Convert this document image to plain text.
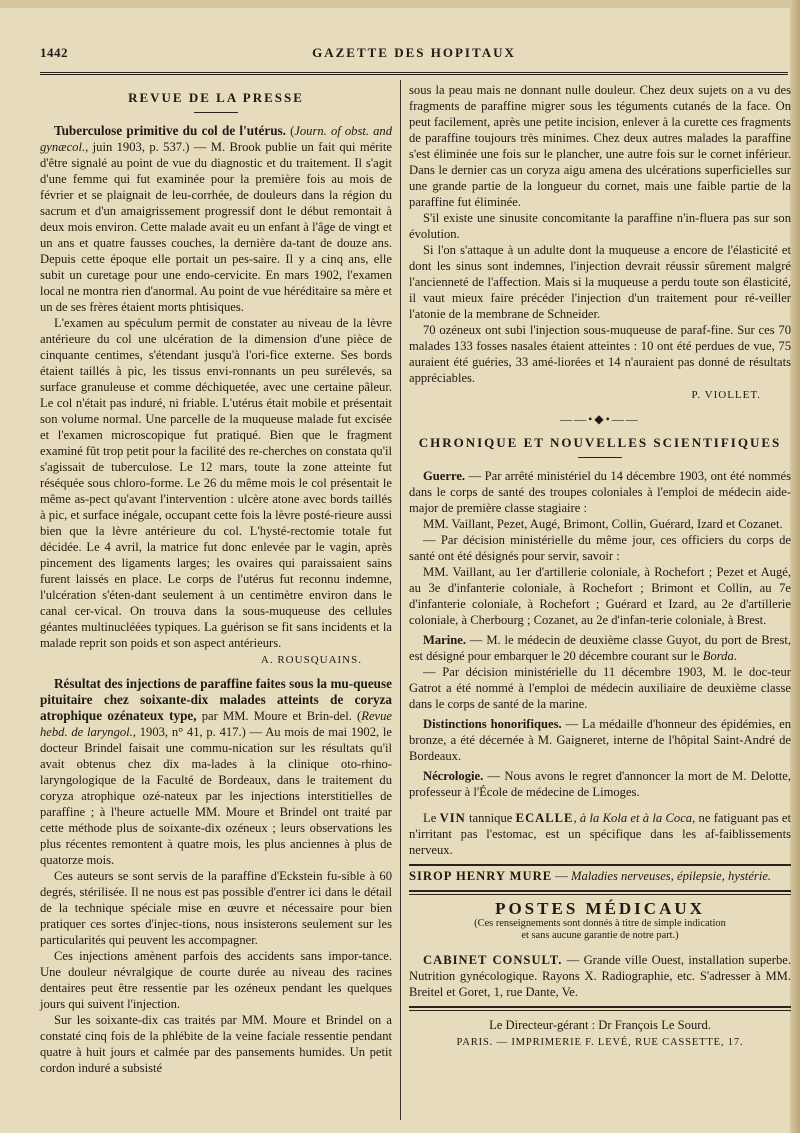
1442	GAZETTE DES HOPITAUX
REVUE DE LA PRESSE

Tuberculose primitive du col de l'utérus. (Journ. of obst. and gynæcol., juin 1903, p. 537.) — M. Brook publie un fait qui mérite d'être signalé au point de vue du diagnostic et du traitement. Il s'agit d'une femme qui fut examinée pour la première fois au mois de février et se plaignait de leu-corrhée, de douleurs dans la région du sacrum et d'un amaigrissement progressif dont le début remontait à deux mois environ. Cette malade avait eu un enfant à l'âge de vingt et un ans et quatre fausses couches, la dernière da-tant de douze ans. Depuis cette époque elle portait un pes-saire. Il y a cinq ans, elle subit un curetage pour une endo-cervicite. En mars 1902, l'examen local ne montra rien d'anormal. Au point de vue héréditaire sa mère et un de ses frères étaient morts phtisiques.

L'examen au spéculum permit de constater au niveau de la lèvre antérieure du col une ulcération de la dimension d'une pièce de cinquante centimes, s'étendant jusqu'à l'ori-fice externe. Ses bords étaient taillés à pic, les tissus envi-ronnants un peu surélevés, sa surface granuleuse et comme déchiquetée, avec une certaine pâleur. Le col n'était pas induré, ni friable. L'utérus était mobile et présentait son volume normal. Une parcelle de la muqueuse malade fut excisée et l'examen microscopique fut pratiqué. Bien que le fragment examiné fût trop petit pour la facilité des re-cherches on constata qu'il s'agissait de tuberculose. Le 12 mars, toute la zone atteinte fut réséquée sous chloro-forme. Le 26 du même mois le col présentait le même as-pect qu'avant l'intervention : ulcère atone avec bords taillés à pic, et surface inégale, occupant cette fois la lèvre posté-rieure aussi bien que la lèvre antérieure du col. L'hysté-rectomie totale fut décidée. Le 4 avril, la matrice fut donc enlevée par le vagin, après pincement des ligaments larges; les ovaires qui paraissaient sains furent laissés en place. Le corps de l'utérus fut reconnu indemne, l'ulcération s'éten-dant seulement à un centimètre environ dans le canal cer-vical. On trouva dans la sous-muqueuse des cellules géantes multinucléées typiques. La guérison se fit sans incidents et la malade reprit son poids et son aspect antérieurs.

A. ROUSQUAINS.

Résultat des injections de paraffine faites sous la mu-queuse pituitaire chez soixante-dix malades atteints de coryza atrophique ozénateux type, par MM. Moure et Brin-del. (Revue hebd. de laryngol., 1903, n° 41, p. 417.) — Au mois de mai 1902, le docteur Brindel faisait une commu-nication sur les résultats qu'il avait obtenus chez dix ma-lades à la clinique oto-rhino-laryngologique de la Faculté de Bordeaux, dans le traitement du coryza atrophique ozé-nateux par les injections interstitielles de paraffine ; à l'heure actuelle MM. Moure et Brindel ont traité par cette méthode plus de soixante-dix ozéneux ; leurs observations les plus récentes remontent à quatre mois, les plus anciennes à plus de quatorze mois.

Ces auteurs se sont servis de la paraffine d'Eckstein fu-sible à 60 degrés, stérilisée. Il ne nous est pas possible d'entrer ici dans le détail de la technique spéciale mise en œuvre et nécessaire pour bien pratiquer ces sortes d'injec-tions, nous insisterons seulement sur les particularités qui peuvent les accompagner.

Ces injections amènent parfois des accidents sans impor-tance. Une douleur névralgique de courte durée au niveau des racines dentaires peut être ressentie par les ozéneux pendant les quelques jours qui suivent l'injection.

Sur les soixante-dix cas traités par MM. Moure et Brindel on a constaté cinq fois de la phlébite de la veine faciale ressentie pendant quatre à huit jours et calmée par des pansements humides. Un petit cordon induré a subsisté

sous la peau mais ne donnant nulle douleur. Chez deux sujets on a vu des fragments de paraffine migrer sous les téguments cutanés de la face. On peut facilement, après une petite incision, enlever à la curette ces fragments de paraffine toujours très minimes. Chez deux autres malades la paraffine s'est éliminée une fois sur le plancher, une autre fois sur le cornet inférieur. Dans le dernier cas un coryza aigu amena des ulcérations superficielles sur une grande partie de la longueur du cornet, mais une faible partie de la paraffine fut éliminée.

S'il existe une sinusite concomitante la paraffine n'in-fluera pas sur son évolution.

Si l'on s'attaque à un adulte dont la muqueuse a encore de l'élasticité et dont les sinus sont indemnes, l'injection devrait réussir sûrement malgré l'ancienneté de l'affection. Mais si la muqueuse a perdu toute son élasticité, il vaut mieux faire précéder l'injection d'un traitement pour ré-veiller l'atonie de la membrane de Schneider.

70 ozéneux ont subi l'injection sous-muqueuse de paraf-fine. Sur ces 70 malades 133 fosses nasales étaient atteintes : 10 ont été perdues de vue, 75 auraient été guéries, 33 amé-liorées et 14 n'auraient pas donné de résultats appréciables.

P. VIOLLET.
——•◆•——
CHRONIQUE ET NOUVELLES SCIENTIFIQUES

Guerre. — Par arrêté ministériel du 14 décembre 1903, ont été nommés dans le corps de santé des troupes coloniales à l'emploi de médecin aide-major de première classe stagiaire :

MM. Vaillant, Pezet, Augé, Brimont, Collin, Guérard, Izard et Cozanet.

— Par décision ministérielle du même jour, ces officiers du corps de santé ont été désignés pour servir, savoir :

MM. Vaillant, au 1er d'artillerie coloniale, à Rochefort ; Pezet et Augé, au 3e d'infanterie coloniale, à Rochefort ; Brimont et Collin, au 7e d'infanterie coloniale, à Rochefort ; Guérard et Izard, au 2e d'artillerie coloniale, à Cherbourg ; Cozanet, au 2e d'infan-terie coloniale, à Brest.

Marine. — M. le médecin de deuxième classe Guyot, du port de Brest, est désigné pour embarquer le 20 décembre courant sur le Borda.

— Par décision ministérielle du 11 décembre 1903, M. le doc-teur Gatrot a été nommé à l'emploi de médecin auxiliaire de deuxième classe dans le corps de santé de la marine.

Distinctions honorifiques. — La médaille d'honneur des épidémies, en bronze, a été décernée à M. Gaigneret, interne de l'hôpital Saint-André de Bordeaux.

Nécrologie. — Nous avons le regret d'annoncer la mort de M. Delotte, professeur à l'École de médecine de Limoges.

Le VIN tannique ECALLE, à la Kola et à la Coca, ne fatiguant pas et n'irritant pas l'estomac, est un spécifique dans les af-faiblissements nerveux.

SIROP HENRY MURE — Maladies nerveuses, épilepsie, hystérie.

POSTES MÉDICAUX
(Ces renseignements sont donnés à titre de simple indication
et sans aucune garantie de notre part.)

CABINET CONSULT. — Grande ville Ouest, installation superbe. Nutrition gynécologique. Rayons X. Radiographie, etc. S'adresser à MM. Breitel et Goret, 1, rue Dante, Ve.

Le Directeur-gérant : Dr François Le Sourd.
PARIS. — IMPRIMERIE F. LEVÉ, RUE CASSETTE, 17.
